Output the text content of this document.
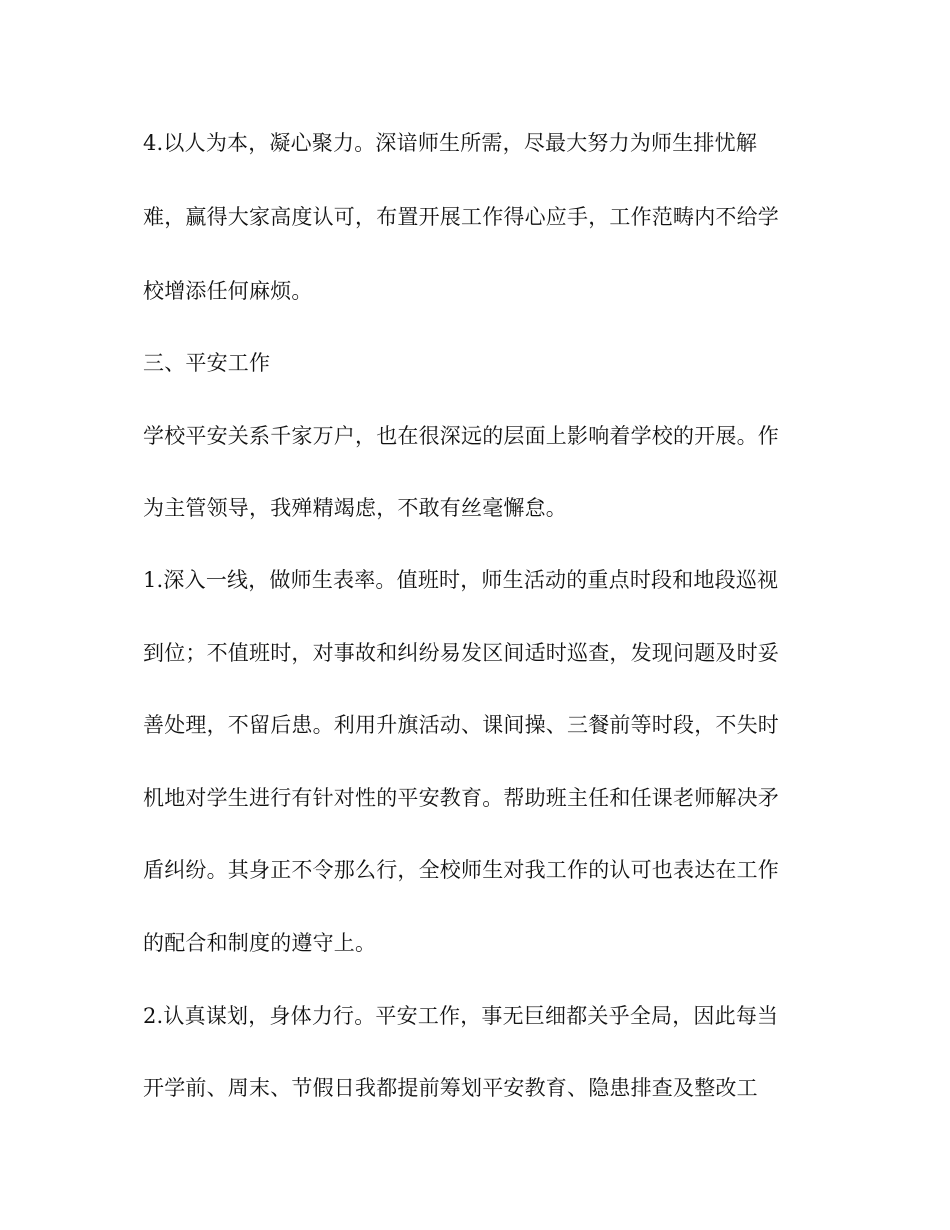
4.以人为本，凝心聚力。深谙师生所需，尽最大努力为师生排忧解
难，赢得大家高度认可，布置开展工作得心应手，工作范畴内不给学
校增添任何麻烦。
三、平安工作
学校平安关系千家万户，也在很深远的层面上影响着学校的开展。作
为主管领导，我殚精竭虑，不敢有丝毫懈怠。
1.深入一线，做师生表率。值班时，师生活动的重点时段和地段巡视
到位；不值班时，对事故和纠纷易发区间适时巡查，发现问题及时妥
善处理，不留后患。利用升旗活动、课间操、三餐前等时段，不失时
机地对学生进行有针对性的平安教育。帮助班主任和任课老师解决矛
盾纠纷。其身正不令那么行，全校师生对我工作的认可也表达在工作
的配合和制度的遵守上。
2.认真谋划，身体力行。平安工作，事无巨细都关乎全局，因此每当
开学前、周末、节假日我都提前筹划平安教育、隐患排查及整改工
